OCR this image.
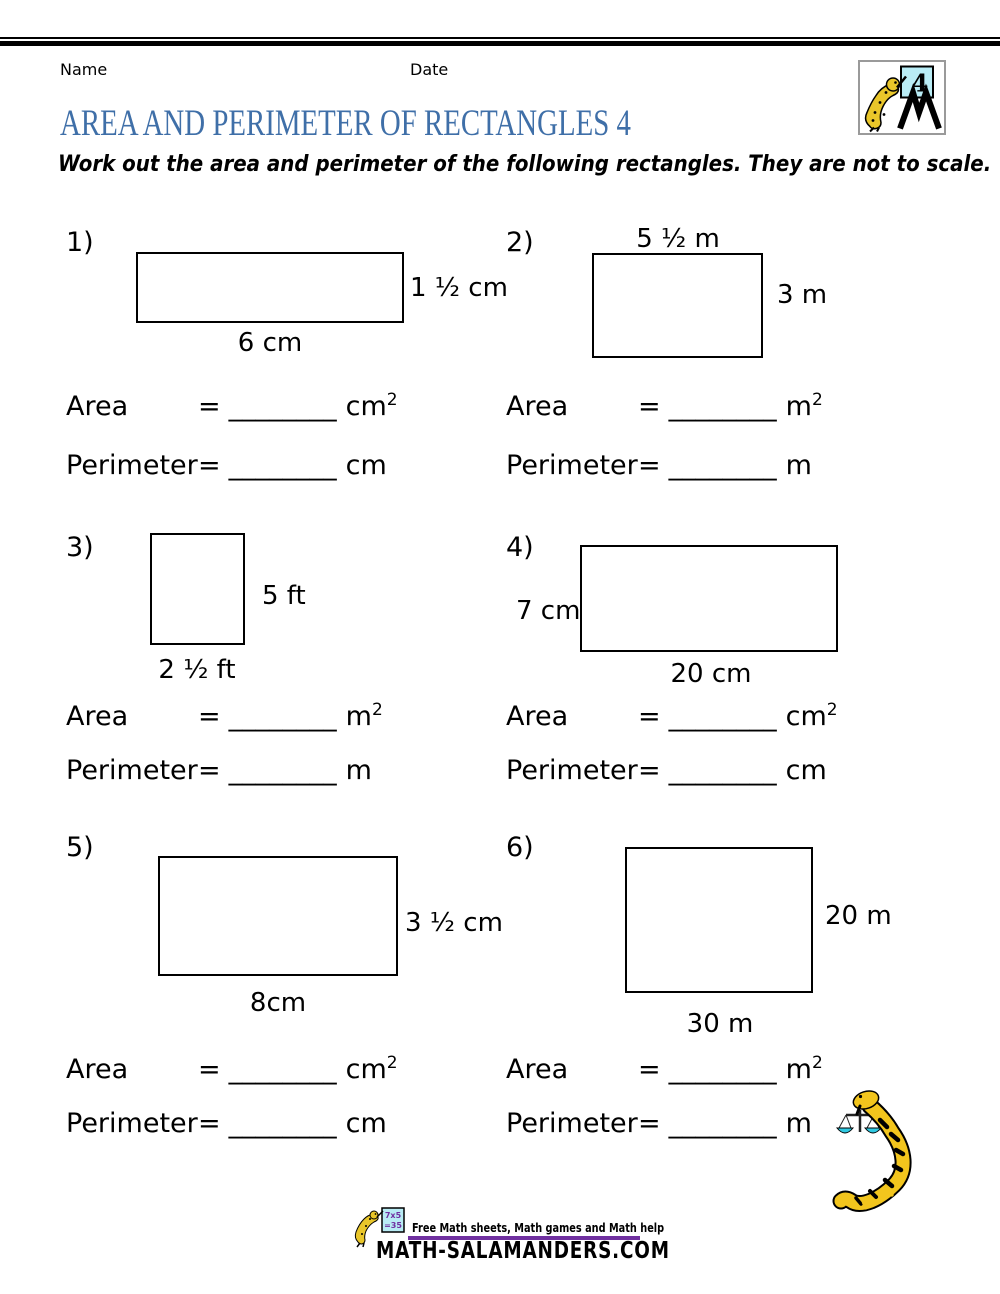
Name	Date	4
AREA AND PERIMETER OF RECTANGLES 4
Work out the area and perimeter of the following rectangles. They are not to scale.
1)
1 ½ cm
6 cm
Area	= ________ $cm^2$
Perimeter = ________ cm
2)
3 m
5 ½ m
Area	= ________ $m^2$
Perimeter = ________ m
3)
5 ft
2 ½ ft
Area	= ________ $m^2$
Perimeter = ________ m
4)
7 cm
20 cm
Area	= ________ $cm^2$
Perimeter = ________ cm
5)
3 ½ cm
8cm
Area	= ________ $cm^2$
Perimeter = ________ cm
6)
20 m
30 m
Area	= ________ $m^2$
Perimeter = ________ m
7x5
=35 Free Math sheets, Math games and Math help
MATH-SALAMANDERS.COM
